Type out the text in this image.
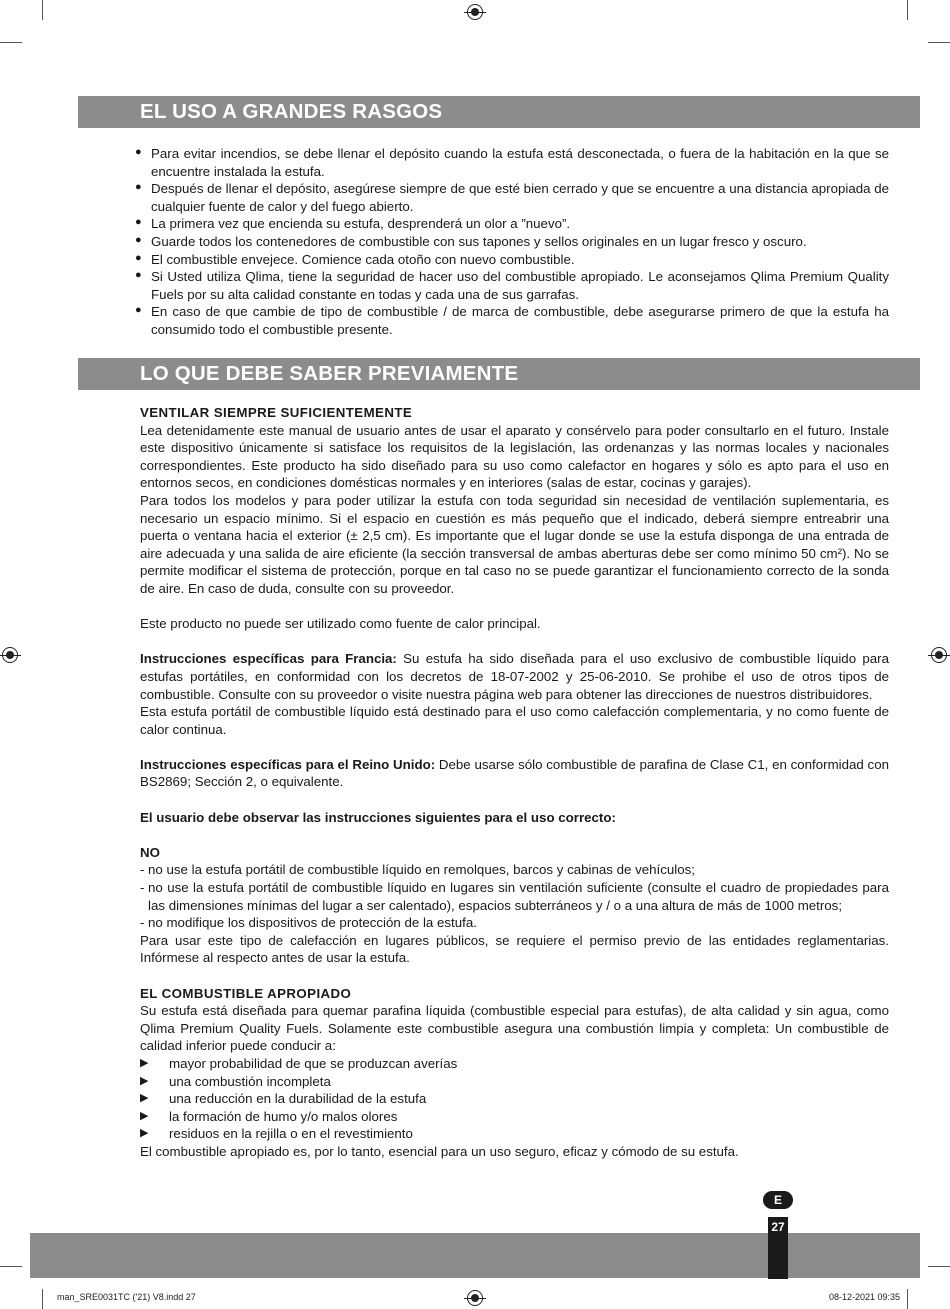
EL USO A GRANDES RASGOS
● Para evitar incendios, se debe llenar el depósito cuando la estufa está desconectada, o fuera de la habitación en la que se encuentre instalada la estufa.
● Después de llenar el depósito, asegúrese siempre de que esté bien cerrado y que se encuentre a una distancia apropiada de cualquier fuente de calor y del fuego abierto.
● La primera vez que encienda su estufa, desprenderá un olor a ”nuevo”.
● Guarde todos los contenedores de combustible con sus tapones y sellos originales en un lugar fresco y oscuro.
● El combustible envejece. Comience cada otoño con nuevo combustible.
● Si Usted utiliza Qlima, tiene la seguridad de hacer uso del combustible apropiado. Le aconsejamos Qlima Premium Quality Fuels por su alta calidad constante en todas y cada una de sus garrafas.
● En caso de que cambie de tipo de combustible / de marca de combustible, debe asegurarse primero de que la estufa ha consumido todo el combustible presente.
LO QUE DEBE SABER PREVIAMENTE

VENTILAR SIEMPRE SUFICIENTEMENTE

Lea detenidamente este manual de usuario antes de usar el aparato y consérvelo para poder consultarlo en el futuro. Instale este dispositivo únicamente si satisface los requisitos de la legislación, las ordenanzas y las normas locales y nacionales correspondientes. Este producto ha sido diseñado para su uso como calefactor en hogares y sólo es apto para el uso en entornos secos, en condiciones domésticas normales y en interiores (salas de estar, cocinas y garajes).

Para todos los modelos y para poder utilizar la estufa con toda seguridad sin necesidad de ventilación suplementaria, es necesario un espacio mínimo. Si el espacio en cuestión es más pequeño que el indicado, deberá siempre entreabrir una puerta o ventana hacia el exterior (± 2,5 cm). Es importante que el lugar donde se use la estufa disponga de una entrada de aire adecuada y una salida de aire eficiente (la sección transversal de ambas aberturas debe ser como mínimo 50 cm²). No se permite modificar el sistema de protección, porque en tal caso no se puede garantizar el funcionamiento correcto de la sonda de aire. En caso de duda, consulte con su proveedor.

Este producto no puede ser utilizado como fuente de calor principal.

Instrucciones específicas para Francia: Su estufa ha sido diseñada para el uso exclusivo de combustible líquido para estufas portátiles, en conformidad con los decretos de 18-07-2002 y 25-06-2010. Se prohibe el uso de otros tipos de combustible. Consulte con su proveedor o visite nuestra página web para obtener las direcciones de nuestros distribuidores.

Esta estufa portátil de combustible líquido está destinado para el uso como calefacción complementaria, y no como fuente de calor continua.

Instrucciones específicas para el Reino Unido: Debe usarse sólo combustible de parafina de Clase C1, en conformidad con BS2869; Sección 2, o equivalente.

El usuario debe observar las instrucciones siguientes para el uso correcto:

NO

- no use la estufa portátil de combustible líquido en remolques, barcos y cabinas de vehículos;
- no use la estufa portátil de combustible líquido en lugares sin ventilación suficiente (consulte el cuadro de propiedades para las dimensiones mínimas del lugar a ser calentado), espacios subterráneos y / o a una altura de más de 1000 metros;
- no modifique los dispositivos de protección de la estufa.

Para usar este tipo de calefacción en lugares públicos, se requiere el permiso previo de las entidades reglamentarias. Infórmese al respecto antes de usar la estufa.

EL COMBUSTIBLE APROPIADO

Su estufa está diseñada para quemar parafina líquida (combustible especial para estufas), de alta calidad y sin agua, como Qlima Premium Quality Fuels. Solamente este combustible asegura una combustión limpia y completa: Un combustible de calidad inferior puede conducir a:

▶ mayor probabilidad de que se produzcan averías
▶ una combustión incompleta
▶ una reducción en la durabilidad de la estufa
▶ la formación de humo y/o malos olores
▶ residuos en la rejilla o en el revestimiento

El combustible apropiado es, por lo tanto, esencial para un uso seguro, eficaz y cómodo de su estufa.

E
27
man_SRE0031TC ('21) V8.indd 27	08-12-2021 09:35
